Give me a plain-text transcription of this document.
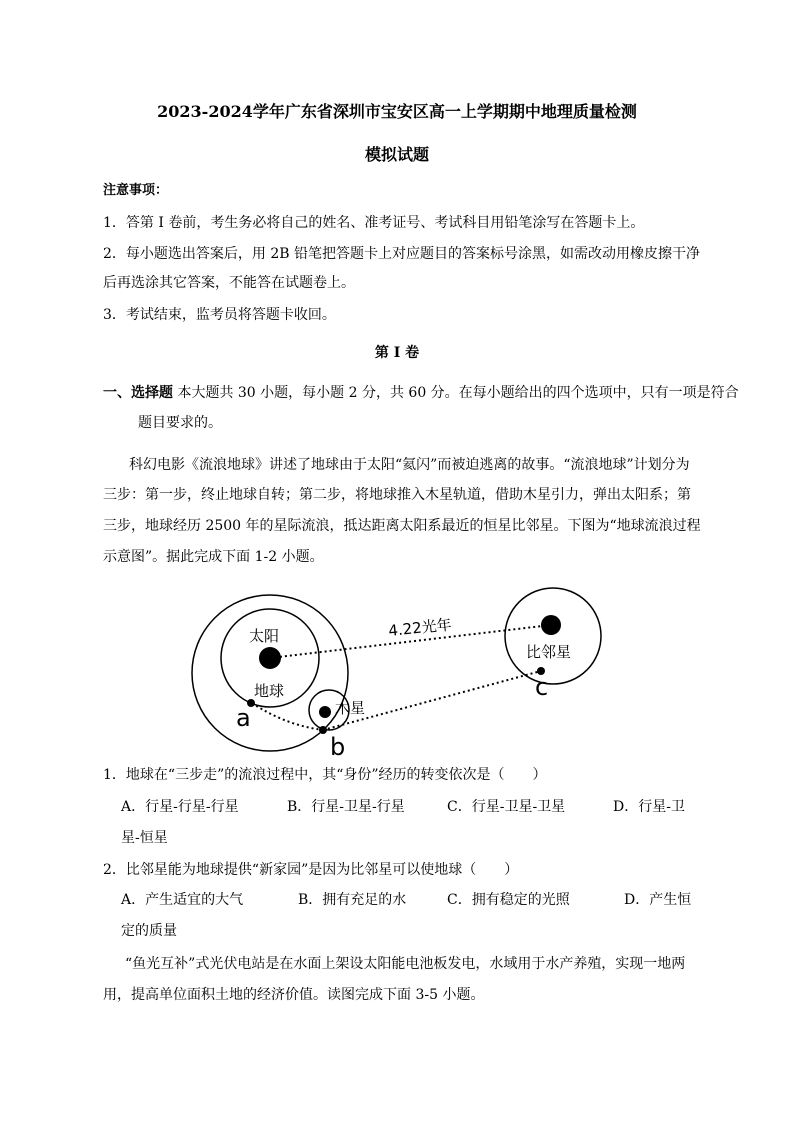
2023-2024学年广东省深圳市宝安区高一上学期期中地理质量检测
模拟试题
注意事项：
1．答第 I 卷前，考生务必将自己的姓名、准考证号、考试科目用铅笔涂写在答题卡上。
2．每小题选出答案后，用 2B 铅笔把答题卡上对应题目的答案标号涂黑，如需改动用橡皮擦干净
后再选涂其它答案，不能答在试题卷上。
3．考试结束，监考员将答题卡收回。
第 I 卷
一、选择题 本大题共 30 小题，每小题 2 分，共 60 分。在每小题给出的四个选项中，只有一项是符合
题目要求的。
科幻电影《流浪地球》讲述了地球由于太阳“氦闪”而被迫逃离的故事。“流浪地球”计划分为
三步：第一步，终止地球自转；第二步，将地球推入木星轨道，借助木星引力，弹出太阳系；第
三步，地球经历 2500 年的星际流浪，抵达距离太阳系最近的恒星比邻星。下图为“地球流浪过程
示意图”。据此完成下面 1-2 小题。
太阳
地球
木星
比邻星
4.22光年
a
b
c
1．地球在“三步走”的流浪过程中，其“身份”经历的转变依次是（　　）
A．行星-行星-行星	B．行星-卫星-行星	C．行星-卫星-卫星	D．行星-卫
星-恒星
2．比邻星能为地球提供“新家园”是因为比邻星可以使地球（　　）
A．产生适宜的大气	B．拥有充足的水	C．拥有稳定的光照	D．产生恒
定的质量
“鱼光互补”式光伏电站是在水面上架设太阳能电池板发电，水域用于水产养殖，实现一地两
用，提高单位面积土地的经济价值。读图完成下面 3-5 小题。
